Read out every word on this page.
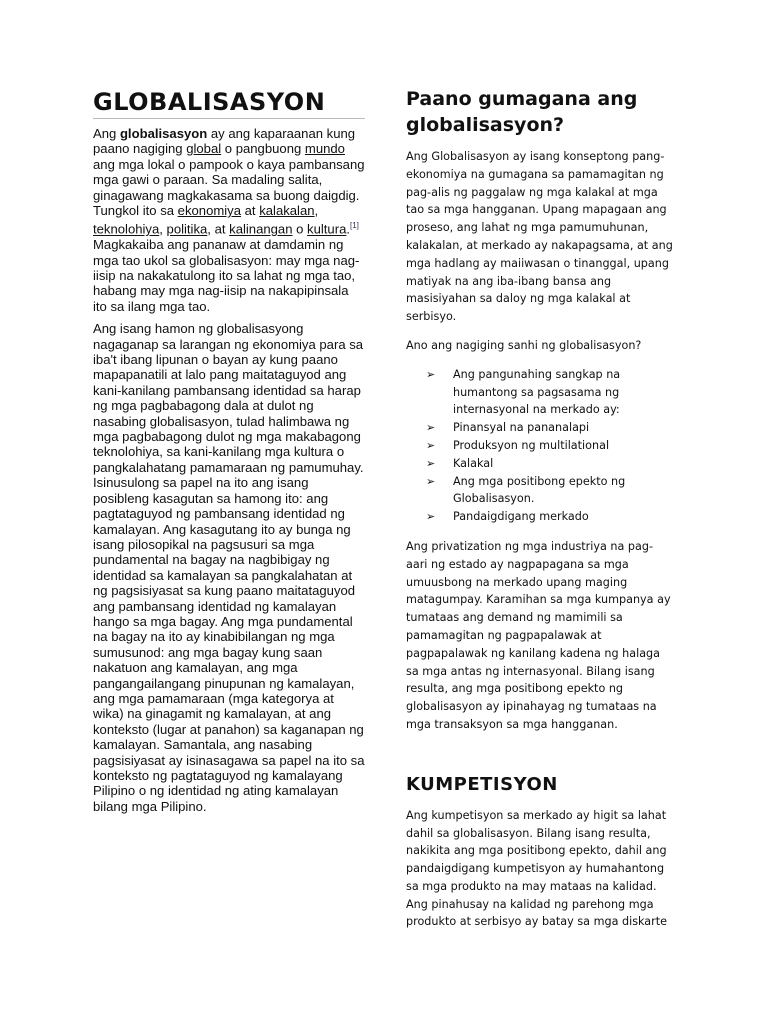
GLOBALISASYON

Ang globalisasyon ay ang kaparaanan kung paano nagiging global o pangbuong mundo ang mga lokal o pampook o kaya pambansang mga gawi o paraan. Sa madaling salita, ginagawang magkakasama sa buong daigdig. Tungkol ito sa ekonomiya at kalakalan, teknolohiya, politika, at kalinangan o kultura.[1] Magkakaiba ang pananaw at damdamin ng mga tao ukol sa globalisasyon: may mga nag-iisip na nakakatulong ito sa lahat ng mga tao, habang may mga nag-iisip na nakapipinsala ito sa ilang mga tao.

Ang isang hamon ng globalisasyong nagaganap sa larangan ng ekonomiya para sa iba't ibang lipunan o bayan ay kung paano mapapanatili at lalo pang maitataguyod ang kani-kanilang pambansang identidad sa harap ng mga pagbabagong dala at dulot ng nasabing globalisasyon, tulad halimbawa ng mga pagbabagong dulot ng mga makabagong teknolohiya, sa kani-kanilang mga kultura o pangkalahatang pamamaraan ng pamumuhay. Isinusulong sa papel na ito ang isang posibleng kasagutan sa hamong ito: ang pagtataguyod ng pambansang identidad ng kamalayan. Ang kasagutang ito ay bunga ng isang pilosopikal na pagsusuri sa mga pundamental na bagay na nagbibigay ng identidad sa kamalayan sa pangkalahatan at ng pagsisiyasat sa kung paano maitataguyod ang pambansang identidad ng kamalayan hango sa mga bagay. Ang mga pundamental na bagay na ito ay kinabibilangan ng mga sumusunod: ang mga bagay kung saan nakatuon ang kamalayan, ang mga pangangailangang pinupunan ng kamalayan, ang mga pamamaraan (mga kategorya at wika) na ginagamit ng kamalayan, at ang konteksto (lugar at panahon) sa kaganapan ng kamalayan. Samantala, ang nasabing pagsisiyasat ay isinasagawa sa papel na ito sa konteksto ng pagtataguyod ng kamalayang Pilipino o ng identidad ng ating kamalayan bilang mga Pilipino.

Paano gumagana ang globalisasyon?

Ang Globalisasyon ay isang konseptong pang-ekonomiya na gumagana sa pamamagitan ng pag-alis ng paggalaw ng mga kalakal at mga tao sa mga hangganan. Upang mapagaan ang proseso, ang lahat ng mga pamumuhunan, kalakalan, at merkado ay nakapagsama, at ang mga hadlang ay maiiwasan o tinanggal, upang matiyak na ang iba-ibang bansa ang masisiyahan sa daloy ng mga kalakal at serbisyo.

Ano ang nagiging sanhi ng globalisasyon?

➢ Ang pangunahing sangkap na humantong sa pagsasama ng internasyonal na merkado ay:
➢ Pinansyal na pananalapi
➢ Produksyon ng multilational
➢ Kalakal
➢ Ang mga positibong epekto ng Globalisasyon.
➢ Pandaigdigang merkado

Ang privatization ng mga industriya na pag-aari ng estado ay nagpapagana sa mga umuusbong na merkado upang maging matagumpay. Karamihan sa mga kumpanya ay tumataas ang demand ng mamimili sa pamamagitan ng pagpapalawak at pagpapalawak ng kanilang kadena ng halaga sa mga antas ng internasyonal. Bilang isang resulta, ang mga positibong epekto ng globalisasyon ay ipinahayag ng tumataas na mga transaksyon sa mga hangganan.

KUMPETISYON

Ang kumpetisyon sa merkado ay higit sa lahat dahil sa globalisasyon. Bilang isang resulta, nakikita ang mga positibong epekto, dahil ang pandaigdigang kumpetisyon ay humahantong sa mga produkto na may mataas na kalidad. Ang pinahusay na kalidad ng parehong mga produkto at serbisyo ay batay sa mga diskarte
